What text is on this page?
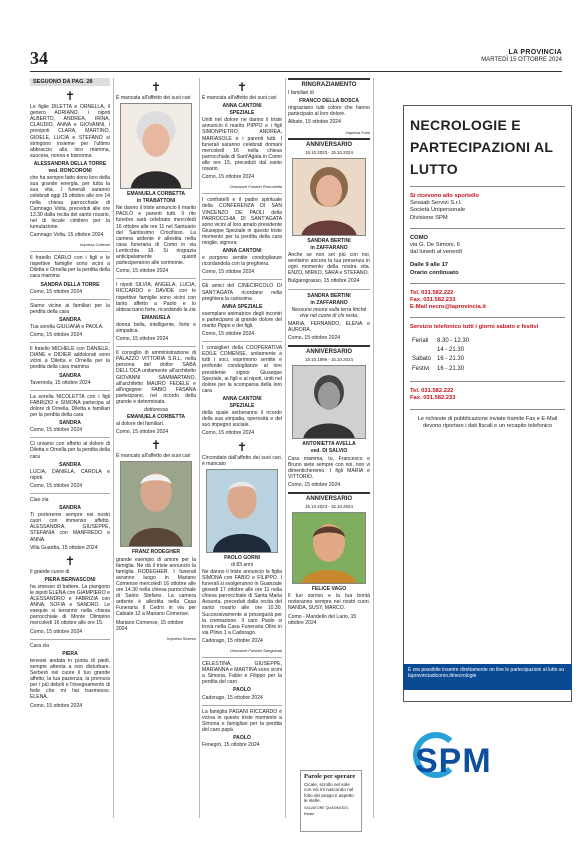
34	LA PROVINCIA
MARTEDÌ 15 OTTOBRE 2024
SEGUONO DA PAG. 28
✝
Le figlie DILETTA e ORNELLA, il genero ADRIANO, i nipoti ALBERTO, ANDREA, IRINA, CLAUDIO, ANNA e GIOVANNI, i pronipoti CLARA, MARTINO, GIOELE, LUCIA e STEFANO si stringono insieme per l'ultimo abbraccio alla loro mamma, suocera, nonna e bisnonna
ALESSANDRA DELLA TORRE
ved. RONCORONI
che ha sempre fatto dono loro della sua grande energia, per tutta la sua vita. I funerali saranno celebrati oggi 15 ottobre alle ore 14 nella chiesa parrocchiale di Camnago Volta, preceduti alle ore 13.30 dalla recita del santo rosario, nel di locale cimitero per la tumulazione.
Camnago Volta, 15 ottobre 2024
Impresa Colleoni
Il fratello CARLO con i figli e le rispettive famiglie sono vicini a Diletta e Ornella per la perdita della cara mamma
SANDRA DELLA TORRE
Como, 15 ottobre 2024
Siamo vicine ai familiari per la perdita della cara
SANDRA
Tua sorella GIULIANA e PAOLA.
Como, 15 ottobre 2024
Il fratello MICHELE con DANIELE, DIANE e DIDIER addolorati sono vicini a Diletta e Ornella per la perdita della cara mamma
SANDRA
Tavernola, 15 ottobre 2024
La sorella NICOLETTA con i figli FABRIZIO e SIMONA partecipa al dolore di Ornella, Diletta e familiari per la perdita della cara
SANDRA
Como, 15 ottobre 2024
Ci uniamo con affetto al dolore di Diletta e Ornella per la perdita della cara
SANDRA
LUCIA, DANIELA, CAROLA e nipoti.
Como, 15 ottobre 2024
Ciao zia
SANDRA
Ti porteremo sempre nei nostri cuori con immenso affetto. ALESSANDRA, GIUSEPPE, STEFANIA con MANFREDO e ANNA.
Villa Guardia, 15 ottobre 2024
✝
Il grande cuore di
PIERA BERNASCONI
ha smesso di battere. La piangono le nipoti ELENA con GIAMPIERO e ALESSANDRO e FABRIZIA con ANNA, SOFIA e SANDRO. Le esequie si terranno nella chiesa parrocchiale di Monte Olimpino mercoledì 16 ottobre alle ore 15.
Como, 15 ottobre 2024
Cara zia
PIERA
tenesei andata in punta di piedi, sempre attenta a non disturbare. Serberò nel cuore il tuo grande affetto, la tua pazienza, la premura per i più deboli e l'insegnamento di fede che mi hai trasmesso. ELENA.
Como, 15 ottobre 2024
✝
È mancata all'affetto dei suoi cari
EMANUELA CORBETTA
in TRABATTONI
Ne danno il triste annuncio il marito PAOLO e parenti tutti. Il rito funebre sarà celebrato mercoledì 16 ottobre alle ore 11 nel Santuario del Santissimo Crocifisso. La camera ardente è allestita nella casa funeraria di Como in via Lenticchia 18. Si ringrazia anticipatamente quanti parteciperanno alle cerimonie.
Como, 15 ottobre 2024
I nipoti SILVIA, ANGELA, LUCIA, RICCARDO e DAVIDE con le rispettive famiglie sono vicini con tanto affetto a Paolo e lo abbracciano forte, ricordando la zia
EMANUELA
donna bella, intelligente, forte e simpatica.
Como, 15 ottobre 2024
Il consiglio di amministrazione di PALAZZO VITTORIA S.R.L. nella persona del dottor SABA DELL'OCA unitamente all'architetto GIOVANNI SAMMARTANO, all'architetto MAURO FEDELE e all'ingegner FABIO FASANA partecipano, nel ricordo della grande e determinata
dottoressa
EMANUELA CORBETTA
al dolore dei familiari.
Como, 15 ottobre 2024
✝
È mancato all'affetto dei suoi cari
FRANZ RODEGHER
grande esempio di amore per la famiglia. Ne dà il triste annuncio la famiglia RODEGHER. I funerali avranno luogo in Mariano Comense mercoledì 16 ottobre alle ore 14.30 nella chiesa parrocchiale di Santo Stefano. La camera ardente è allestita nella Casa Funeraria Il Cedro in via per Cabiate 12 a Mariano Comense.
Mariano Comense, 15 ottobre 2024
Impresa Seveso
✝
È mancata all'affetto dei suoi cari
ANNA CANTONI
SPEZIALE
Uniti nel dolore ne danno il triste annuncio il marito PIPPO e i figli SIMONPIETRO, ANDREA, MARIASOLE e i parenti tutti. I funerali saranno celebrati domani mercoledì 16 nella chiesa parrocchiale di Sant'Agata in Como alle ore 15, preceduti dal santo rosario.
Como, 15 ottobre 2024
Onoranze Funebri Roncoletta
I confratelli e il padre spirituale della CONFERENZA DI SAN VINCENZO DE PAOLI della PARROCCHIA DI SANT'AGATA sono vicini al loro amato presidente Giuseppe Speziale in questo triste momento per la perdita della cara moglie, signora
ANNA CANTONI
e porgono sentite condoglianze ricordandola con la preghiera.
Como, 15 ottobre 2024
Gli amici del CINECIRCOLO DI SANT'AGATA ricordano nella preghiera la carissima
ANNA SPEZIALE
esemplare animatrice degli incontri e partecipano al grande dolore del marito Pippo e dei figli.
Como, 15 ottobre 2024
I consiglieri della COOPERATIVA EDILE COMENSE, unitamente a tutti i soci, esprimono sentite e profonde condoglianze al loro presidente signor Giuseppe Speziale, ai figli e ai nipoti, uniti nel dolore per la scomparsa della loro cara
ANNA CANTONI
SPEZIALE
della quale serberanno il ricordo della sua simpatia, operosità e del suo impegno sociale.
Como, 15 ottobre 2024
✝
Circondato dall'affetto dei suoi cari, è mancato
PAOLO GORNI
di 83 anni
Ne danno il triste annuncio la figlia SIMONA con FABIO e FILIPPO. I funerali si svolgeranno in Guanzate giovedì 17 ottobre alle ore 11 nella chiesa parrocchiale di Santa Maria Assunta, preceduti dalla recita del santo rosario alle ore 10.30. Successivamente si proseguirà per la cremazione. Il caro Paolo si trova nella Casa Funeraria Oltre in via Plinio 1 a Cadorago.
Cadorago, 15 ottobre 2024
Onoranze Funebri Sanguinati
CELESTINA, GIUSEPPE, MARIANNA e MARTINA sono vicini a Simona, Fabio e Filippo per la perdita del caro
PAOLO
Cadorago, 15 ottobre 2024
La famiglia PAGANI RICCARDO è vicina in questo triste momento a Simona e famigliari per la perdita del caro papà
PAOLO
Fenegrò, 15 ottobre 2024
RINGRAZIAMENTO
I familiari di
FRANCO DELLA BOSCA
ringraziano tutti coloro che hanno partecipato al loro dolore.
Albate, 15 ottobre 2024
Impresa Fumi
ANNIVERSARIO
15.10.2023 - 15.10.2024
SANDRA BERTINI
in ZAFFARANO
Anche se non sei più con noi, sentiamo ancora la tua presenza in ogni momento della nostra vita. ENZO, MIRKO, SARA e STEFANO.
Bulgarograsso, 15 ottobre 2024
SANDRA BERTINI
in ZAFFARANO
Nessuno muore sulla terra finché vive nel cuore di chi resta.
MARIA, FERNANDO, ELENA e AURORA.
Como, 15 ottobre 2024
ANNIVERSARIO
15.10.1999 - 15.10.2024
ANTONIETTA AVELLA
ved. DI SALVIO
Cara mamma, tu, Francesco e Bruno siete sempre con noi, non vi dimenticheremo. I figli MARIA e VITTORIO.
Como, 15 ottobre 2024
ANNIVERSARIO
15.10.2023 - 15.10.2024
FELICE VAGO
Il tuo sorriso e la tua bontà resteranno sempre nei nostri cuori. NANDA, SUSY, MARCO.
Como - Mandello del Lario, 15 ottobre 2024
Parole per sperare
Cicale, scrollo nel sole con voi mi nascondo nel folto dei pioppi e aspetto le stelle.
SALVATORE QUASIMODO, Estate
NECROLOGIE E PARTECIPAZIONI AL LUTTO
Si ricevono allo sportello
Sesaab Servizi S.r.l.
Società Unipersonale
Divisione SPM
COMO
via G. De Simoni, 6
dal lunedì al venerdì
Dalle 9 alle 17
Orario continuato
Tel. 031.582.222
Fax. 031.582.233
E-Mail necro@laprovincia.it
Servizio telefonico tutti i giorni sabato e festivi
Feriali	8.30 - 12.30
	14 - 21.30
Sabato	16 - 21.30
Festivi	16 - 21.30
Tel. 031.582.222
Fax. 031.582.233
Le richieste di pubblicazione inviate tramite Fax e E-Mail devono riportare i dati fiscali e un recapito telefonico
È ora possibile inserire direttamente on line le partecipazioni al lutto su laprovinciadicomo.it/necrologie
SPM
